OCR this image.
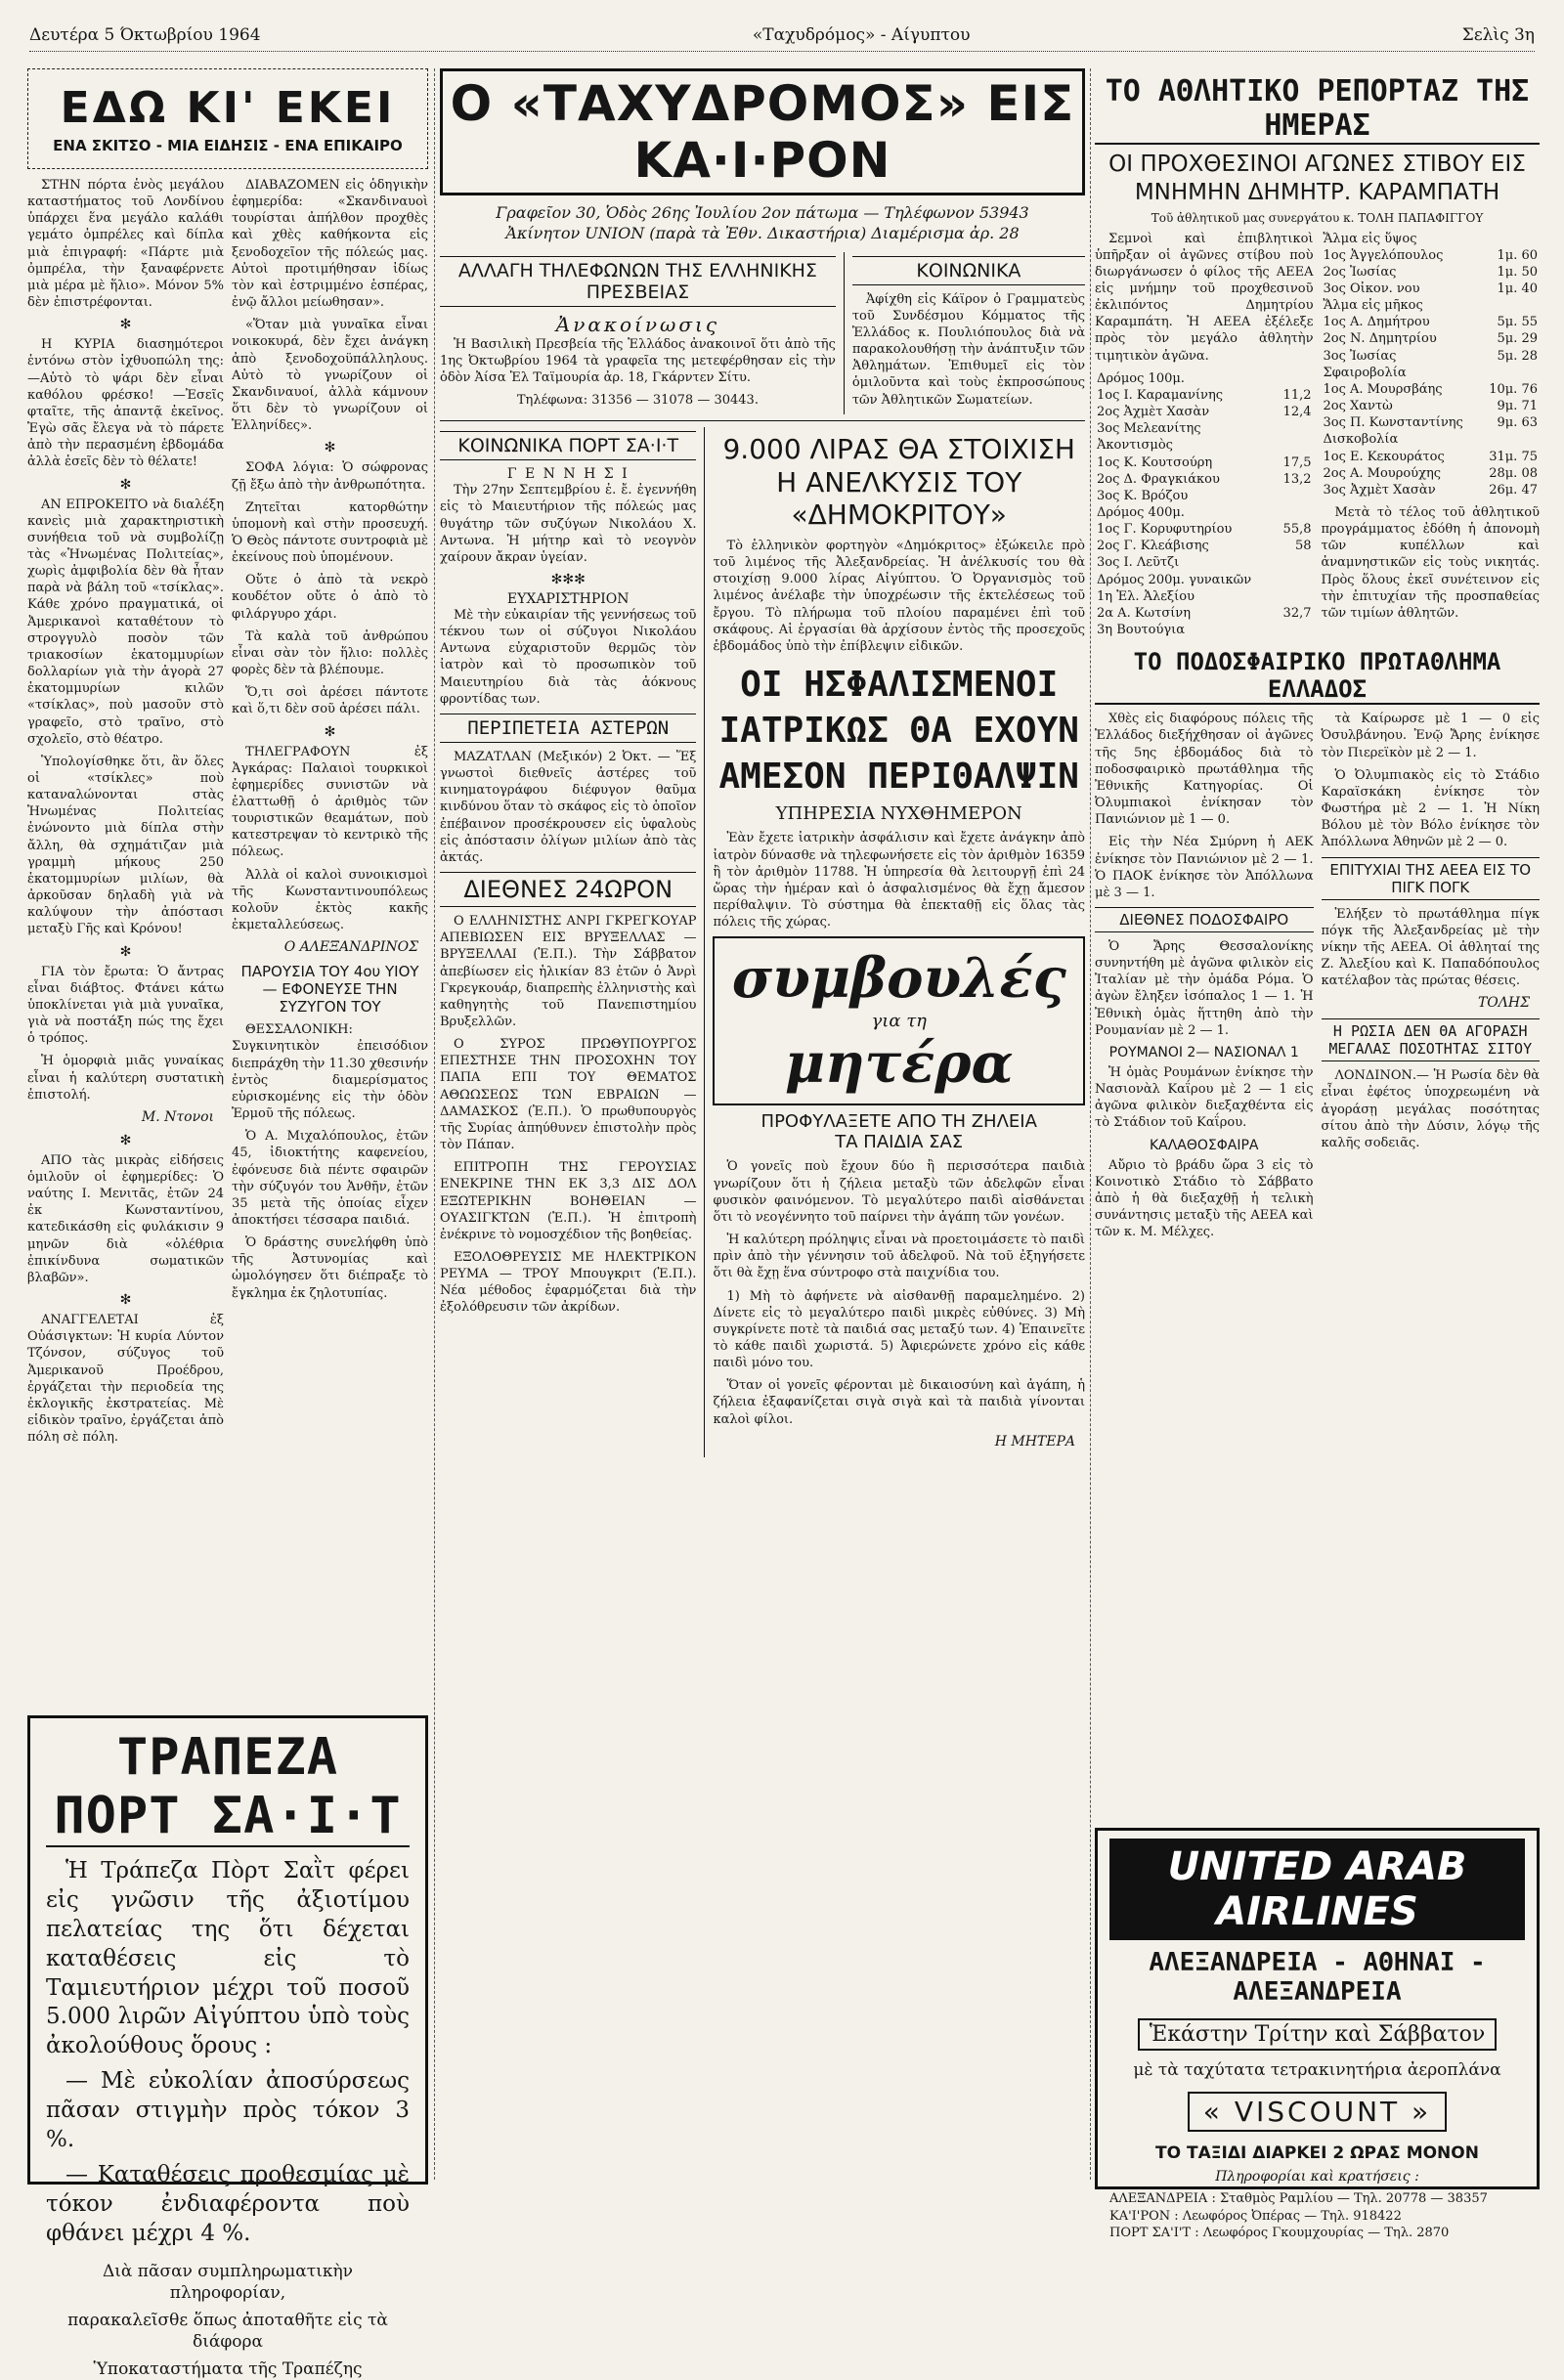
Δευτέρα 5 Όκτωβρίου 1964	«Ταχυδρόμος» - Αίγυπτου	Σελὶς 3η
ΕΔΩ ΚΙ' ΕΚΕΙ
ΕΝΑ ΣΚΙΤΣΟ - ΜΙΑ ΕΙΔΗΣΙΣ - ΕΝΑ ΕΠΙΚΑΙΡΟ

ΣΤΗΝ πόρτα ἑνὸς μεγάλου καταστήματος τοῦ Λονδίνου ὑπάρχει ἕνα μεγάλο καλάθι γεμάτο ὀμπρέλες καὶ δίπλα μιὰ ἐπιγραφή: «Πάρτε μιὰ ὀμπρέλα, τὴν ξαναφέρνετε μιὰ μέρα μὲ ἥλιο». Μόνον 5% δὲν ἐπιστρέφονται.

✻

Η ΚΥΡΙΑ διασημότεροι ἐντόνω στὸν ἰχθυοπώλη της: —Αὐτὸ τὸ ψάρι δὲν εἶναι καθόλου φρέσκο! —Ἐσεῖς φταῖτε, τῆς ἀπαντᾷ ἐκεῖνος. Ἐγὼ σᾶς ἔλεγα νὰ τὸ πάρετε ἀπὸ τὴν περασμένη ἑβδομάδα ἀλλὰ ἐσεῖς δὲν τὸ θέλατε!

✻

ΑΝ ΕΠΡΟΚΕΙΤΟ νὰ διαλέξη κανεὶς μιὰ χαρακτηριστικὴ συνήθεια τοῦ νὰ συμβολίζῃ τὰς «Ἡνωμένας Πολιτείας», χωρὶς ἀμφιβολία δὲν θὰ ἦταν παρὰ νὰ βάλη τοῦ «τσίκλας». Κάθε χρόνο πραγματικά, οἱ Ἀμερικανοὶ καταθέτουν τὸ στρογγυλὸ ποσὸν τῶν τριακοσίων ἑκατομμυρίων δολλαρίων γιὰ τὴν ἀγορὰ 27 ἑκατομμυρίων κιλῶν «τσίκλας», ποὺ μασοῦν στὸ γραφεῖο, στὸ τραῖνο, στὸ σχολεῖο, στὸ θέατρο.

Ὑπολογίσθηκε ὅτι, ἂν ὅλες οἱ «τσίκλες» ποὺ καταναλώνονται στὰς Ἡνωμένας Πολιτείας ἑνώνοντο μιὰ δίπλα στὴν ἄλλη, θὰ σχημάτιζαν μιὰ γραμμὴ μήκους 250 ἑκατομμυρίων μιλίων, θὰ ἀρκοῦσαν δηλαδὴ γιὰ νὰ καλύψουν τὴν ἀπόστασι μεταξὺ Γῆς καὶ Κρόνου!

✻

ΓΙΑ τὸν ἔρωτα: Ὁ ἄντρας εἶναι διάβτος. Φτάνει κάτω ὑποκλίνεται γιὰ μιὰ γυναῖκα, γιὰ νὰ ποστάξη πώς της ἔχει ὁ τρόπος.

Ἡ ὁμορφιὰ μιᾶς γυναίκας εἶναι ἡ καλύτερη συστατικὴ ἐπιστολή.

Μ. Ντονοι
✻

ΑΠΟ τὰς μικρὰς εἰδήσεις ὁμιλοῦν οἱ ἐφημερίδες: Ὁ ναύτης Ι. Μενιτᾶς, ἐτῶν 24 ἐκ Κωνσταντίνου, κατεδικάσθη εἰς φυλάκισιν 9 μηνῶν διὰ «ὀλέθρια ἐπικίνδυνα σωματικῶν βλαβῶν».

✻

ΑΝΑΓΓΕΛΕΤΑΙ ἐξ Οὐάσιγκτων: Ἡ κυρία Λύντον Τζόνσον, σύζυγος τοῦ Ἀμερικανοῦ Προέδρου, ἐργάζεται τὴν περιοδεία της ἐκλογικῆς ἐκστρατείας. Μὲ εἰδικὸν τραῖνο, ἐργάζεται ἀπὸ πόλη σὲ πόλη.

ΔΙΑΒΑΖΟΜΕΝ εἰς ὁδηγικὴν ἐφημερίδα: «Σκανδιναυοὶ τουρίσται ἀπήλθον προχθὲς καὶ χθὲς καθήκοντα εἰς ξενοδοχεῖον τῆς πόλεώς μας. Αὐτοὶ προτιμήθησαν ἰδίως τὸν καὶ ἐστριμμένο ἑσπέρας, ἐνῷ ἄλλοι μείωθησαν».

«Ὅταν μιὰ γυναῖκα εἶναι νοικοκυρά, δὲν ἔχει ἀνάγκη ἀπὸ ξενοδοχοϋπάλληλους. Αὐτὸ τὸ γνωρίζουν οἱ Σκανδιναυοί, ἀλλὰ κάμνουν ὅτι δὲν τὸ γνωρίζουν οἱ Ἑλληνίδες».

✻

ΣΟΦΑ λόγια: Ὁ σώφρονας ζῇ ἔξω ἀπὸ τὴν ἀνθρωπότητα.

Ζητεῖται κατορθώτην ὑπομονὴ καὶ στὴν προσευχή. Ὁ Θεὸς πάντοτε συντροφιὰ μὲ ἐκείνους ποὺ ὑπομένουν.

Οὔτε ὁ ἀπὸ τὰ νεκρὸ κουδέτον οὔτε ὁ ἀπὸ τὸ φιλάργυρο χάρι.

Τὰ καλὰ τοῦ ἀνθρώπου εἶναι σὰν τὸν ἥλιο: πολλὲς φορὲς δὲν τὰ βλέπουμε.

Ὅ,τι σοὶ ἀρέσει πάντοτε καὶ ὅ,τι δὲν σοῦ ἀρέσει πάλι.

✻

ΤΗΛΕΓΡΑΦΟΥΝ ἐξ Ἀγκάρας: Παλαιοὶ τουρκικοὶ ἐφημερίδες συνιστῶν νὰ ἐλαττωθῇ ὁ ἀριθμὸς τῶν τουριστικῶν θεαμάτων, ποὺ κατεστρεψαν τὸ κεντρικὸ τῆς πόλεως.

Ἀλλὰ οἱ καλοὶ συνοικισμοὶ τῆς Κωνσταντινουπόλεως κολοῦν ἐκτὸς κακῆς ἐκμεταλλεύσεως.

Ο ΑΛΕΞΑΝΔΡΙΝΟΣ
ΠΑΡΟΥΣΙΑ ΤΟΥ 4ου ΥΙΟΥ — ΕΦΟΝΕΥΣΕ ΤΗΝ ΣΥΖΥΓΟΝ ΤΟΥ

ΘΕΣΣΑΛΟΝΙΚΗ: Συγκινητικὸν ἐπεισόδιον διεπράχθη τὴν 11.30 χθεσινήν ἐντὸς διαμερίσματος εὑρισκομένης εἰς τὴν ὁδὸν Ἑρμοῦ τῆς πόλεως.

Ὁ Α. Μιχαλόπουλος, ἐτῶν 45, ἰδιοκτήτης καφενείου, ἐφόνευσε διὰ πέντε σφαιρῶν τὴν σύζυγόν του Ἀνθῆν, ἐτῶν 35 μετὰ τῆς ὁποίας εἶχεν ἀποκτήσει τέσσαρα παιδιά.

Ὁ δράστης συνελήφθη ὑπὸ τῆς Ἀστυνομίας καὶ ὡμολόγησεν ὅτι διέπραξε τὸ ἔγκλημα ἐκ ζηλοτυπίας.

ΤΡΑΠΕΖΑ ΠΟΡΤ ΣΑ·Ι·Τ

Ἡ Τράπεζα Πὸρτ Σαῒτ φέρει εἰς γνῶσιν τῆς ἀξιοτίμου πελατείας της ὅτι δέχεται καταθέσεις εἰς τὸ Ταμιευτήριον μέχρι τοῦ ποσοῦ 5.000 λιρῶν Αἰγύπτου ὑπὸ τοὺς ἀκολούθους ὅρους :

— Μὲ εὐκολίαν ἀποσύρσεως πᾶσαν στιγμὴν πρὸς τόκον 3 %.

— Καταθέσεις προθεσμίας μὲ τόκον ἐνδιαφέροντα ποὺ φθάνει μέχρι 4 %.

Διὰ πᾶσαν συμπληρωματικὴν πληροφορίαν,

παρακαλεῖσθε ὅπως ἀποταθῆτε εἰς τὰ διάφορα

Ὑποκαταστήματα τῆς Τραπέζης

Ο «ΤΑΧΥΔΡΟΜΟΣ» ΕΙΣ ΚΑ·Ι·ΡΟΝ
Γραφεῖον 30, Ὁδὸς 26ης Ἰουλίου 2ον πάτωμα — Τηλέφωνον 53943
Ἀκίνητον UNION (παρὰ τὰ Ἐθν. Δικαστήρια) Διαμέρισμα ἀρ. 28
ΑΛΛΑΓΗ ΤΗΛΕΦΩΝΩΝ ΤΗΣ ΕΛΛΗΝΙΚΗΣ ΠΡΕΣΒΕΙΑΣ
Ἀνακοίνωσις

Ἡ Βασιλικὴ Πρεσβεία τῆς Ἑλλάδος ἀνακοινοῖ ὅτι ἀπὸ τῆς 1ης Ὀκτωβρίου 1964 τὰ γραφεῖα της μετεφέρθησαν εἰς τὴν ὁδὸν Ἀίσα Ἐλ Ταϊμουρία ἀρ. 18, Γκάρντεν Σίτυ.

Τηλέφωνα: 31356 — 31078 — 30443.

ΚΟΙΝΩΝΙΚΑ

Ἀφίχθη εἰς Κάϊρον ὁ Γραμματεὺς τοῦ Συνδέσμου Κόμματος τῆς Ἑλλάδος κ. Πουλιόπουλος διὰ νὰ παρακολουθήσῃ τὴν ἀνάπτυξιν τῶν Ἀθλημάτων. Ἐπιθυμεῖ εἰς τὸν ὁμιλοῦντα καὶ τοὺς ἐκπροσώπους τῶν Ἀθλητικῶν Σωματείων.

ΚΟΙΝΩΝΙΚΑ ΠΟΡΤ ΣΑ·Ι·Τ
Γ Ε Ν Ν Η Σ Ι

Τὴν 27ην Σεπτεμβρίου ἐ. ἔ. ἐγεννήθη εἰς τὸ Μαιευτήριον τῆς πόλεώς μας θυγάτηρ τῶν συζύγων Νικολάου Χ. Αντωνα. Ἡ μήτηρ καὶ τὸ νεογνὸν χαίρουν ἄκραν ὑγείαν.

✻✻✻
ΕΥΧΑΡΙΣΤΗΡΙΟΝ

Μὲ τὴν εὐκαιρίαν τῆς γεννήσεως τοῦ τέκνου των οἱ σύζυγοι Νικολάου Αντωνα εὐχαριστοῦν θερμῶς τὸν ἰατρὸν καὶ τὸ προσωπικὸν τοῦ Μαιευτηρίου διὰ τὰς ἀόκνους φροντίδας των.

ΠΕΡΙΠΕΤΕΙΑ ΑΣΤΕΡΩΝ

ΜΑΖΑΤΛΑΝ (Μεξικόν) 2 Ὀκτ. — Ἕξ γνωστοὶ διεθνεῖς ἀστέρες τοῦ κινηματογράφου διέφυγον θαῦμα κινδύνου ὅταν τὸ σκάφος εἰς τὸ ὁποῖον ἐπέβαινον προσέκρουσεν εἰς ὑφαλοὺς εἰς ἀπόστασιν ὀλίγων μιλίων ἀπὸ τὰς ἀκτάς.

ΔΙΕΘΝΕΣ 24ΩΡΟΝ

Ο ΕΛΛΗΝΙΣΤΗΣ ΑΝΡΙ ΓΚΡΕΓΚΟΥΑΡ ΑΠΕΒΙΩΣΕΝ ΕΙΣ ΒΡΥΞΕΛΛΑΣ — ΒΡΥΞΕΛΛΑΙ (Ἐ.Π.). Τὴν Σάββατον ἀπεβίωσεν εἰς ἡλικίαν 83 ἐτῶν ὁ Ἀνρὶ Γκρεγκουάρ, διαπρεπὴς ἑλληνιστὴς καὶ καθηγητὴς τοῦ Πανεπιστημίου Βρυξελλῶν.

Ο ΣΥΡΟΣ ΠΡΩΘΥΠΟΥΡΓΟΣ ΕΠΕΣΤΗΣΕ ΤΗΝ ΠΡΟΣΟΧΗΝ ΤΟΥ ΠΑΠΑ ΕΠΙ ΤΟΥ ΘΕΜΑΤΟΣ ΑΘΩΩΣΕΩΣ ΤΩΝ ΕΒΡΑΙΩΝ — ΔΑΜΑΣΚΟΣ (Ἐ.Π.). Ὁ πρωθυπουργὸς τῆς Συρίας ἀπηύθυνεν ἐπιστολὴν πρὸς τὸν Πάπαν.

ΕΠΙΤΡΟΠΗ ΤΗΣ ΓΕΡΟΥΣΙΑΣ ΕΝΕΚΡΙΝΕ ΤΗΝ ΕΚ 3,3 ΔΙΣ ΔΟΛ ΕΞΩΤΕΡΙΚΗΝ ΒΟΗΘΕΙΑΝ — ΟΥΑΣΙΓΚΤΩΝ (Ἐ.Π.). Ἡ ἐπιτροπὴ ἐνέκρινε τὸ νομοσχέδιον τῆς βοηθείας.

ΕΞΟΛΟΘΡΕΥΣΙΣ ΜΕ ΗΛΕΚΤΡΙΚΟΝ ΡΕΥΜΑ — ΤΡΟΥ Μπουγκριτ (Ἐ.Π.). Νέα μέθοδος ἐφαρμόζεται διὰ τὴν ἐξολόθρευσιν τῶν ἀκρίδων.

9.000 ΛΙΡΑΣ ΘΑ ΣΤΟΙΧΙΣΗ Η ΑΝΕΛΚΥΣΙΣ ΤΟΥ «ΔΗΜΟΚΡΙΤΟΥ»

Τὸ ἑλληνικὸν φορτηγὸν «Δημόκριτος» ἐξώκειλε πρὸ τοῦ λιμένος τῆς Ἀλεξανδρείας. Ἡ ἀνέλκυσίς του θὰ στοιχίσῃ 9.000 λίρας Αἰγύπτου. Ὁ Ὀργανισμὸς τοῦ λιμένος ἀνέλαβε τὴν ὑποχρέωσιν τῆς ἐκτελέσεως τοῦ ἔργου. Τὸ πλήρωμα τοῦ πλοίου παραμένει ἐπὶ τοῦ σκάφους. Αἱ ἐργασίαι θὰ ἀρχίσουν ἐντὸς τῆς προσεχοῦς ἑβδομάδος ὑπὸ τὴν ἐπίβλεψιν εἰδικῶν.

ΟΙ ΗΣΦΑΛΙΣΜΕΝΟΙ ΙΑΤΡΙΚΩΣ ΘΑ ΕΧΟΥΝ ΑΜΕΣΟΝ ΠΕΡΙΘΑΛΨΙΝ
ΥΠΗΡΕΣΙΑ ΝΥΧΘΗΜΕΡΟΝ

Ἐὰν ἔχετε ἰατρικὴν ἀσφάλισιν καὶ ἔχετε ἀνάγκην ἀπὸ ἰατρὸν δύνασθε νὰ τηλεφωνήσετε εἰς τὸν ἀριθμὸν 16359 ἢ τὸν ἀριθμὸν 11788. Ἡ ὑπηρεσία θὰ λειτουργῇ ἐπὶ 24 ὥρας τὴν ἡμέραν καὶ ὁ ἀσφαλισμένος θὰ ἔχῃ ἄμεσον περίθαλψιν. Τὸ σύστημα θὰ ἐπεκταθῇ εἰς ὅλας τὰς πόλεις τῆς χώρας.

συμβουλές
για τη
μητέρα
ΠΡΟΦΥΛΑΞΕΤΕ ΑΠΟ ΤΗ ΖΗΛΕΙΑ
ΤΑ ΠΑΙΔΙΑ ΣΑΣ

Ὁ γονεῖς ποὺ ἔχουν δύο ἢ περισσότερα παιδιὰ γνωρίζουν ὅτι ἡ ζήλεια μεταξὺ τῶν ἀδελφῶν εἶναι φυσικὸν φαινόμενον. Τὸ μεγαλύτερο παιδὶ αἰσθάνεται ὅτι τὸ νεογέννητο τοῦ παίρνει τὴν ἀγάπη τῶν γονέων.

Ἡ καλύτερη πρόληψις εἶναι νὰ προετοιμάσετε τὸ παιδὶ πρὶν ἀπὸ τὴν γέννησιν τοῦ ἀδελφοῦ. Νὰ τοῦ ἐξηγήσετε ὅτι θὰ ἔχῃ ἕνα σύντροφο στὰ παιχνίδια του.

1) Μὴ τὸ ἀφήνετε νὰ αἰσθανθῇ παραμελημένο. 2) Δίνετε εἰς τὸ μεγαλύτερο παιδὶ μικρὲς εὐθύνες. 3) Μὴ συγκρίνετε ποτὲ τὰ παιδιά σας μεταξύ των. 4) Ἐπαινεῖτε τὸ κάθε παιδὶ χωριστά. 5) Ἀφιερώνετε χρόνο εἰς κάθε παιδὶ μόνο του.

Ὅταν οἱ γονεῖς φέρονται μὲ δικαιοσύνη καὶ ἀγάπη, ἡ ζήλεια ἐξαφανίζεται σιγὰ σιγὰ καὶ τὰ παιδιὰ γίνονται καλοὶ φίλοι.

Η ΜΗΤΕΡΑ
ΤΟ ΑΘΛΗΤΙΚΟ ΡΕΠΟΡΤΑΖ ΤΗΣ ΗΜΕΡΑΣ
ΟΙ ΠΡΟΧΘΕΣΙΝΟΙ ΑΓΩΝΕΣ ΣΤΙΒΟΥ ΕΙΣ ΜΝΗΜΗΝ ΔΗΜΗΤΡ. ΚΑΡΑΜΠΑΤΗ
Τοῦ ἀθλητικοῦ μας συνεργάτου κ. ΤΟΛΗ ΠΑΠΑΦΙΓΓΟΥ

Σεμνοὶ καὶ ἐπιβλητικοὶ ὑπῆρξαν οἱ ἀγῶνες στίβου ποὺ διωργάνωσεν ὁ φίλος τῆς ΑΕΕΑ εἰς μνήμην τοῦ προχθεσινοῦ ἐκλιπόντος Δημητρίου Καραμπάτη. Ἡ ΑΕΕΑ ἐξέλεξε πρὸς τὸν μεγάλο ἀθλητὴν τιμητικὸν ἀγῶνα.

Δρόμος 100μ.	
1ος Ι. Καραμανίνης	11,2
2ος Ἀχμὲτ Χασὰν	12,4
3ος Μελεανίτης	
Ἀκοντισμὸς	
1ος Κ. Κουτσούρη	17,5
2ος Δ. Φραγκιάκου	13,2
3ος Κ. Βρόζου	
Δρόμος 400μ.	
1ος Γ. Κορυφυτηρίου	55,8
2ος Γ. Κλεάβισης	58
3ος Ι. Λεῦτζι	
Δρόμος 200μ. γυναικῶν	
1η Ἑλ. Ἀλεξίου	
2α Α. Κωτσίνη	32,7
3η Βουτούγια	
Ἅλμα εἰς ὕψος	
1ος Ἀγγελόπουλος	1μ. 60
2ος Ἰωσίας	1μ. 50
3ος Οἰκον. νου	1μ. 40
Ἅλμα εἰς μῆκος	
1ος Α. Δημήτρου	5μ. 55
2ος Ν. Δημητρίου	5μ. 29
3ος Ἰωσίας	5μ. 28
Σφαιροβολία	
1ος Α. Μουρσβάης	10μ. 76
2ος Χαντὼ	9μ. 71
3ος Π. Κωνσταντίνης	9μ. 63
Δισκοβολία	
1ος Ε. Κεκουράτος	31μ. 75
2ος Α. Μουρούχης	28μ. 08
3ος Ἀχμὲτ Χασὰν	26μ. 47

Μετὰ τὸ τέλος τοῦ ἀθλητικοῦ προγράμματος ἐδόθη ἡ ἀπονομὴ τῶν κυπέλλων καὶ ἀναμνηστικῶν εἰς τοὺς νικητάς. Πρὸς ὅλους ἐκεῖ συνέτεινον εἰς τὴν ἐπιτυχίαν τῆς προσπαθείας τῶν τιμίων ἀθλητῶν.

ΤΟ ΠΟΔΟΣΦΑΙΡΙΚΟ ΠΡΩΤΑΘΛΗΜΑ ΕΛΛΑΔΟΣ

Χθὲς εἰς διαφόρους πόλεις τῆς Ἑλλάδος διεξήχθησαν οἱ ἀγῶνες τῆς 5ης ἑβδομάδος διὰ τὸ ποδοσφαιρικὸ πρωτάθλημα τῆς Ἐθνικῆς Κατηγορίας. Οἱ Ὀλυμπιακοὶ ἐνίκησαν τὸν Πανιώνιον μὲ 1 — 0.

Εἰς τὴν Νέα Σμύρνη ἡ ΑΕΚ ἐνίκησε τὸν Πανιώνιον μὲ 2 — 1. Ὁ ΠΑΟΚ ἐνίκησε τὸν Ἀπόλλωνα μὲ 3 — 1.

ΔΙΕΘΝΕΣ ΠΟΔΟΣΦΑΙΡΟ

Ὁ Ἄρης Θεσσαλονίκης συνηντήθη μὲ ἀγῶνα φιλικὸν εἰς Ἰταλίαν μὲ τὴν ὁμάδα Ρόμα. Ὁ ἀγὼν ἔληξεν ἰσόπαλος 1 — 1. Ἡ Ἐθνικὴ ὁμὰς ἥττηθη ἀπὸ τὴν Ρουμανίαν μὲ 2 — 1.

ΡΟΥΜΑΝΟΙ 2— ΝΑΣΙΟΝΑΛ 1

Ἡ ὁμὰς Ρουμάνων ἐνίκησε τὴν Νασιονὰλ Καΐρου μὲ 2 — 1 εἰς ἀγῶνα φιλικὸν διεξαχθέντα εἰς τὸ Στάδιον τοῦ Καΐρου.

ΚΑΛΑΘΟΣΦΑΙΡΑ

Αὔριο τὸ βράδυ ὥρα 3 εἰς τὸ Κοινοτικὸ Στάδιο τὸ Σάββατο ἀπὸ ἡ θὰ διεξαχθῇ ἡ τελικὴ συνάντησις μεταξὺ τῆς ΑΕΕΑ καὶ τῶν κ. Μ. Μέλχες.

τὰ Καίρωρσε μὲ 1 — 0 εἰς Ὀσυλβάνηου. Ἐνῷ Ἄρης ἐνίκησε τὸν Πιερεϊκὸν μὲ 2 — 1.

Ὁ Ὀλυμπιακὸς εἰς τὸ Στάδιο Καραϊσκάκη ἐνίκησε τὸν Φωστήρα μὲ 2 — 1. Ἡ Νίκη Βόλου μὲ τὸν Βόλο ἐνίκησε τὸν Ἀπόλλωνα Ἀθηνῶν μὲ 2 — 0.

ΕΠΙΤΥΧΙΑΙ ΤΗΣ ΑΕΕΑ ΕΙΣ ΤΟ ΠΙΓΚ ΠΟΓΚ

Ἐλήξεν τὸ πρωτάθλημα πίγκ πόγκ τῆς Ἀλεξανδρείας μὲ τὴν νίκην τῆς ΑΕΕΑ. Οἱ ἀθληταί της Ζ. Ἀλεξίου καὶ Κ. Παπαδόπουλος κατέλαβον τὰς πρώτας θέσεις.

ΤΟΛΗΣ
Η ΡΩΣΙΑ ΔΕΝ ΘΑ ΑΓΟΡΑΣΗ ΜΕΓΑΛΑΣ ΠΟΣΟΤΗΤΑΣ ΣΙΤΟΥ

ΛΟΝΔΙΝΟΝ.— Ἡ Ρωσία δὲν θὰ εἶναι ἐφέτος ὑποχρεωμένη νὰ ἀγοράσῃ μεγάλας ποσότητας σίτου ἀπὸ τὴν Δύσιν, λόγῳ τῆς καλῆς σοδειᾶς.

UNITED ARAB AIRLINES
ΑΛΕΞΑΝΔΡΕΙΑ - ΑΘΗΝΑΙ - ΑΛΕΞΑΝΔΡΕΙΑ
Ἑκάστην Τρίτην καὶ Σάββατον
μὲ τὰ ταχύτατα τετρακινητήρια ἀεροπλάνα
« VISCOUNT »
ΤΟ ΤΑΞΙΔΙ ΔΙΑΡΚΕΙ 2 ΩΡΑΣ ΜΟΝΟΝ
Πληροφορίαι καὶ κρατήσεις :
ΑΛΕΞΑΝΔΡΕΙΑ : Σταθμὸς Ραμλίου — Τηλ. 20778 — 38357
ΚΑ'Ι'ΡΟΝ : Λεωφόρος Ὀπέρας — Τηλ. 918422
ΠΟΡΤ ΣΑ'Ι'Τ : Λεωφόρος Γκουμχουρίας — Τηλ. 2870
